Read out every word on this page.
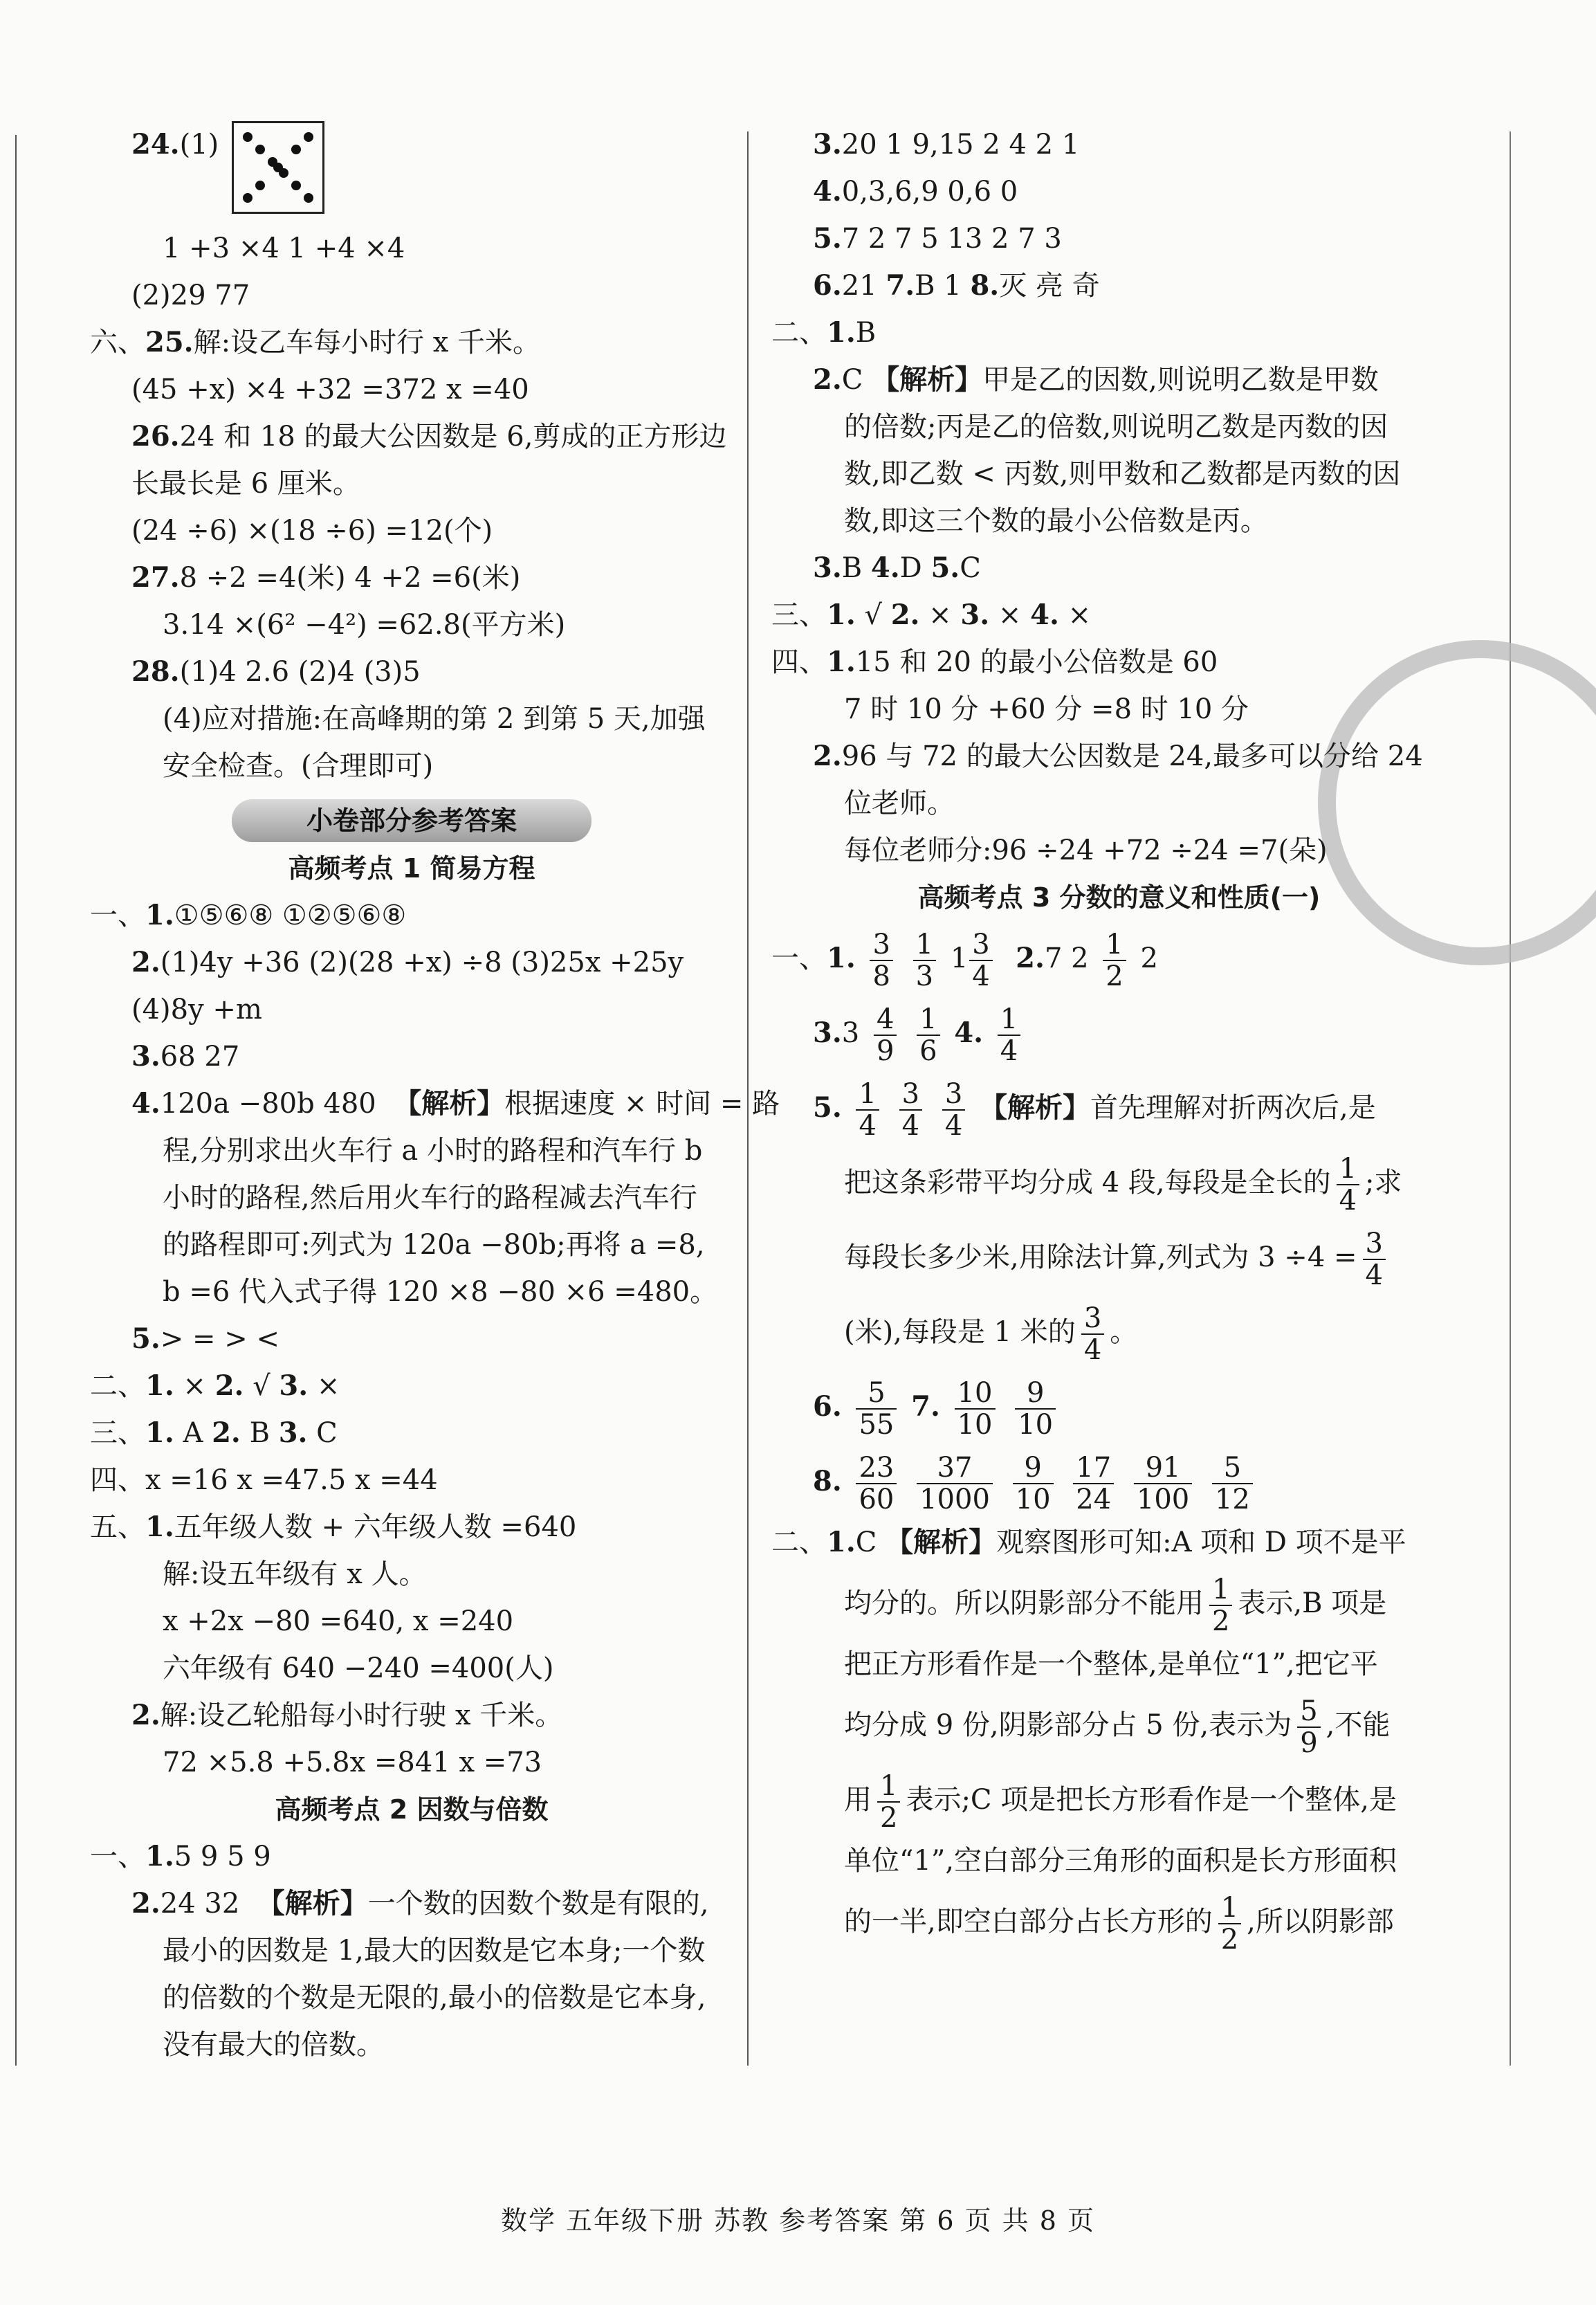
24.(1)
1 +3 ×4 1 +4 ×4
(2)29 77
六、25.解:设乙车每小时行 x 千米。
(45 +x) ×4 +32 =372 x =40
26.24 和 18 的最大公因数是 6,剪成的正方形边
长最长是 6 厘米。
(24 ÷6) ×(18 ÷6) =12(个)
27.8 ÷2 =4(米) 4 +2 =6(米)
3.14 ×(6² −4²) =62.8(平方米)
28.(1)4 2.6 (2)4 (3)5
(4)应对措施:在高峰期的第 2 到第 5 天,加强
安全检查。(合理即可)
小卷部分参考答案
高频考点 1 简易方程
一、1.①⑤⑥⑧ ①②⑤⑥⑧
2.(1)4y +36 (2)(28 +x) ÷8 (3)25x +25y
(4)8y +m
3.68 27
4.120a −80b 480 【解析】根据速度 × 时间 = 路
程,分别求出火车行 a 小时的路程和汽车行 b
小时的路程,然后用火车行的路程减去汽车行
的路程即可:列式为 120a −80b;再将 a =8,
b =6 代入式子得 120 ×8 −80 ×6 =480。
5.> = > <
二、1. × 2. √ 3. ×
三、1. A 2. B 3. C
四、x =16 x =47.5 x =44
五、1.五年级人数 + 六年级人数 =640
解:设五年级有 x 人。
x +2x −80 =640, x =240
六年级有 640 −240 =400(人)
2.解:设乙轮船每小时行驶 x 千米。
72 ×5.8 +5.8x =841 x =73
高频考点 2 因数与倍数
一、1.5 9 5 9
2.24 32 【解析】一个数的因数个数是有限的,
最小的因数是 1,最大的因数是它本身;一个数
的倍数的个数是无限的,最小的倍数是它本身,
没有最大的倍数。
3.20 1 9,15 2 4 2 1
4.0,3,6,9 0,6 0
5.7 2 7 5 13 2 7 3
6.21 7.B 1 8.灭 亮 奇
二、1.B
2.C 【解析】甲是乙的因数,则说明乙数是甲数
的倍数;丙是乙的倍数,则说明乙数是丙数的因
数,即乙数 < 丙数,则甲数和乙数都是丙数的因
数,即这三个数的最小公倍数是丙。
3.B 4.D 5.C
三、1. √ 2. × 3. × 4. ×
四、1.15 和 20 的最小公倍数是 60
7 时 10 分 +60 分 =8 时 10 分
2.96 与 72 的最大公因数是 24,最多可以分给 24
位老师。
每位老师分:96 ÷24 +72 ÷24 =7(朵)
高频考点 3 分数的意义和性质(一)
一、1. $\frac{3}{8}$
$\frac{1}{3} 1 \frac{3}{4} 2.7$ $2 \frac{1}{2} 2$
$3.3 \frac{4}{9}$
$\frac{1}{6} 4$. $\frac{1}{4}$
5. $\frac{1}{4}$
$\frac{3}{4}$
$\frac{3}{4}$ 【解析】首先理解对折两次后,是
把这条彩带平均分成 4 段,每段是全长的 $\frac{1}{4}$ ;求
每段长多少米,用除法计算,列式为 $3 \div 4 = \frac{3}{4}$
(米),每段是 1 米的 $\frac{3}{4}$ 。
6. $\frac{5}{55} 7$. $\frac{10}{10}$
$\frac{9}{10}$
8. $\frac{23}{60}$
$\frac{37}{1000}$
$\frac{9}{10}$
$\frac{17}{24}$
$\frac{91}{100}$
$\frac{5}{12}$
二、1.C 【解析】观察图形可知:A 项和 D 项不是平
均分的。所以阴影部分不能用 $\frac{1}{2}$ 表示,B 项是
把正方形看作是一个整体,是单位“1”,把它平
均分成 9 份,阴影部分占 5 份,表示为 $\frac{5}{9}$ ,不能
用 $\frac{1}{2}$ 表示;C 项是把长方形看作是一个整体,是
单位“1”,空白部分三角形的面积是长方形面积
的一半,即空白部分占长方形的 $\frac{1}{2}$ ,所以阴影部
数学 五年级下册 苏教 参考答案 第 6 页 共 8 页
